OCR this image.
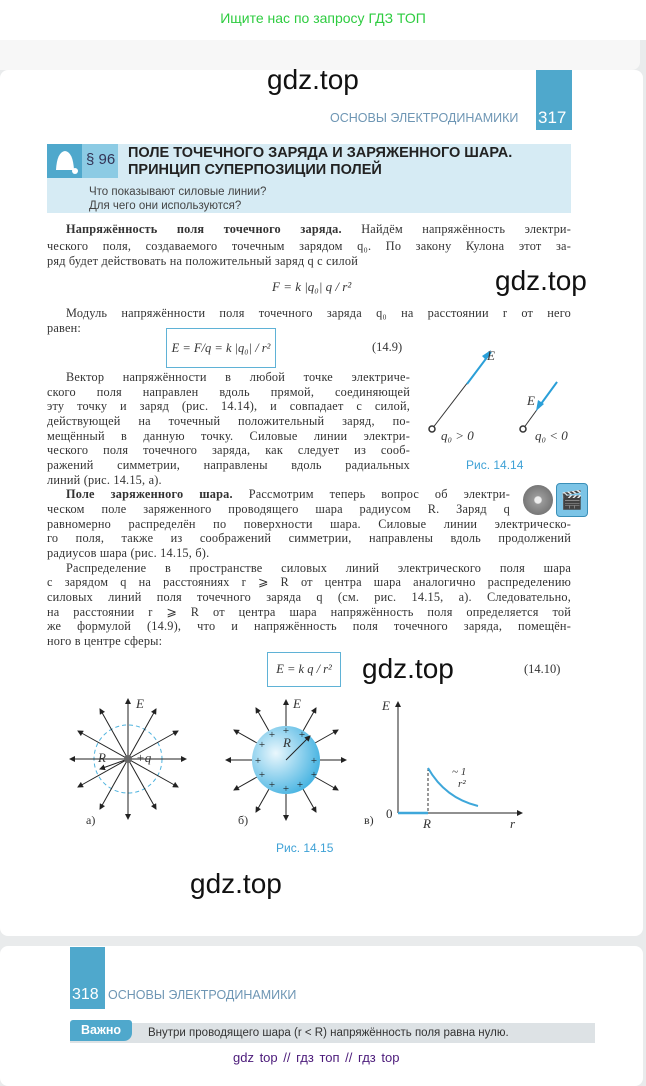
Ищите нас по запросу ГДЗ ТОП
gdz.top
317
ОСНОВЫ ЭЛЕКТРОДИНАМИКИ
§ 96 ПОЛЕ ТОЧЕЧНОГО ЗАРЯДА И ЗАРЯЖЕННОГО ШАРА.
ПРИНЦИП СУПЕРПОЗИЦИИ ПОЛЕЙ
Что показывают силовые линии?
Для чего они используются?
Напряжённость поля точечного заряда. Найдём напряжённость электри-
ческого поля, создаваемого точечным зарядом q₀. По закону Кулона этот за-
ряд будет действовать на положительный заряд q с силой
F = k |q₀| q / r²	gdz.top
Модуль напряжённости поля точечного заряда q₀ на расстоянии r от него
равен:
E = F/q = k |q₀| / r²	(14.9)
Вектор напряжённости в любой точке электриче-
ского поля направлен вдоль прямой, соединяющей
эту точку и заряд (рис. 14.14), и совпадает с силой,
действующей на точечный положительный заряд, по-
мещённый в данную точку. Силовые линии электри-
ческого поля точечного заряда, как следует из сооб-
ражений симметрии, направлены вдоль радиальных
линий (рис. 14.15, а).
E
E
q₀ > 0	q₀ < 0
Рис. 14.14
🎬
Поле заряженного шара. Рассмотрим теперь вопрос об электри-
ческом поле заряженного проводящего шара радиусом R. Заряд q
равномерно распределён по поверхности шара. Силовые линии электрическо-
го поля, также из соображений симметрии, направлены вдоль продолжений
радиусов шара (рис. 14.15, б).
Распределение в пространстве силовых линий электрического поля шара
с зарядом q на расстояниях r ⩾ R от центра шара аналогично распределению
силовых линий поля точечного заряда q (см. рис. 14.15, а). Следовательно,
на расстоянии r ⩾ R от центра шара напряжённость поля определяется той
же формулой (14.9), что и напряжённость поля точечного заряда, помещён-
ного в центре сферы:
E = k q / r²	gdz.top	(14.10)
+
+
+	+
+ +
+
+	+
+ +
E
R +q
E
R
E
0
R	r
~ 1
r²
а)	б)	в)
Рис. 14.15
gdz.top
318 ОСНОВЫ ЭЛЕКТРОДИНАМИКИ
Важно	Внутри проводящего шара (r < R) напряжённость поля равна нулю.
gdz top // гдз топ // гдз top
